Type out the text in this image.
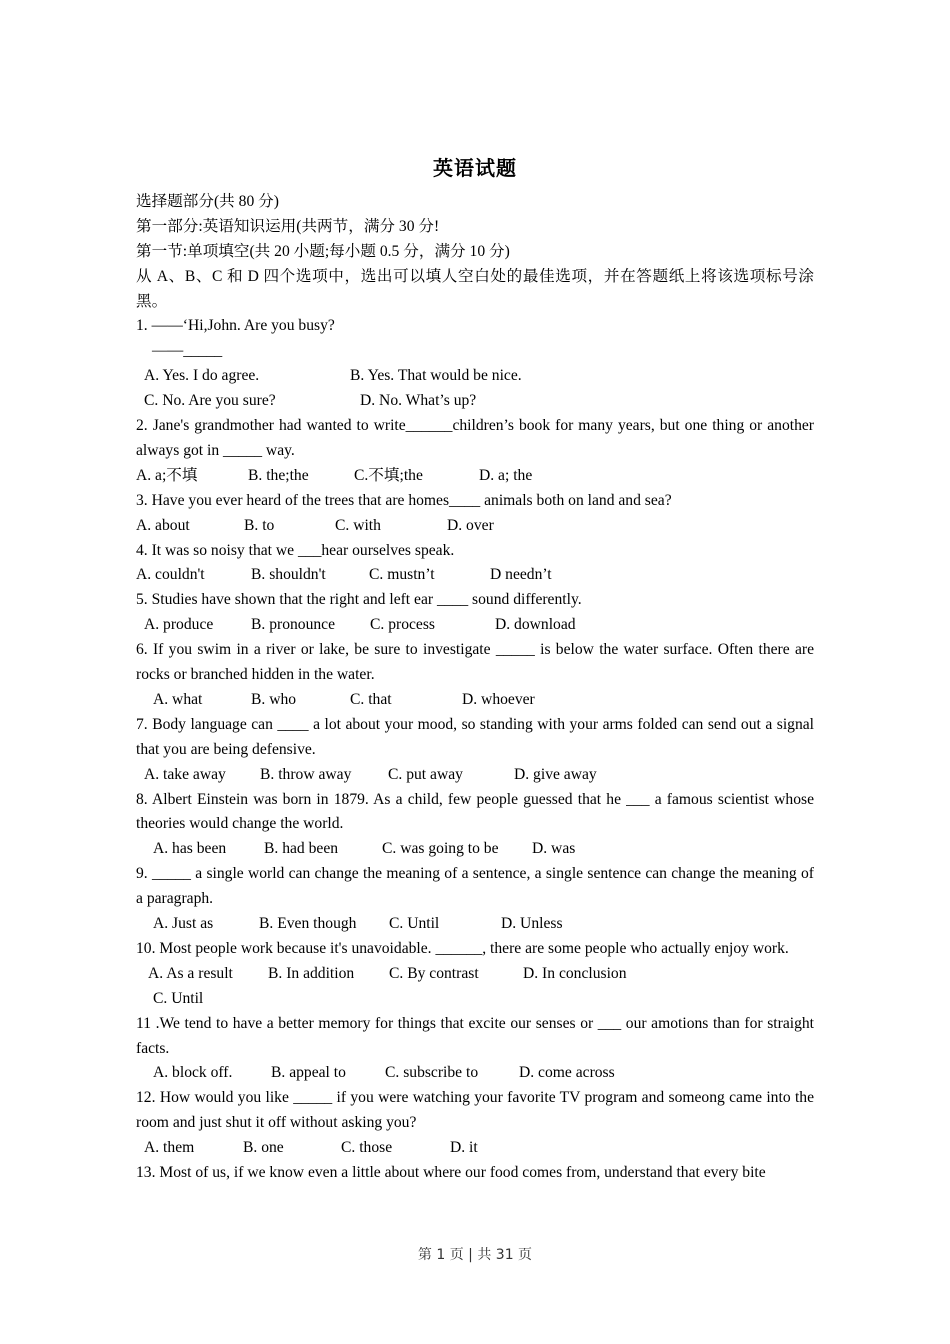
英语试题
选择题部分(共 80 分)
第一部分:英语知识运用(共两节，满分 30 分!
第一节:单项填空(共 20 小题;每小题 0.5 分，满分 10 分)
从 A、B、C 和 D 四个选项中，选出可以填人空白处的最佳选项，并在答题纸上将该选项标号涂黑。
1. ——‘Hi,John. Are you busy?
——_____
A. Yes. I do agree.	B. Yes. That would be nice.
C. No. Are you sure?	D. No. What’s up?
2. Jane's grandmother had wanted to write______children’s book for many years, but one thing or another always got in _____ way.
A. a;不填	B. the;the	C.不填;the	D. a; the
3. Have you ever heard of the trees that are homes____ animals both on land and sea?
A. about	B. to	C. with	D. over
4. It was so noisy that we ___hear ourselves speak.
A. couldn't	B. shouldn't	C. mustn’t	D needn’t
5. Studies have shown that the right and left ear ____ sound differently.
A. produce B. pronounce C. process	D. download
6. If you swim in a river or lake, be sure to investigate _____ is below the water surface. Often there are rocks or branched hidden in the water.
A. what	B. who	C. that	D. whoever
7. Body language can ____ a lot about your mood, so standing with your arms folded can send out a signal that you are being defensive.
A. take away B. throw away C. put away	D. give away
8. Albert Einstein was born in 1879. As a child, few people guessed that he ___ a famous scientist whose theories would change the world.
A. has been B. had been	C. was going to be D. was
9. _____ a single world can change the meaning of a sentence, a single sentence can change the meaning of a paragraph.
A. Just as	B. Even though C. Until	D. Unless
10. Most people work because it's unavoidable. ______, there are some people who actually enjoy work.
A. As a result B. In addition C. By contrast	D. In conclusion
C. Until
11 .We tend to have a better memory for things that excite our senses or ___ our amotions than for straight facts.
A. block off. B. appeal to	C. subscribe to	D. come across
12. How would you like _____ if you were watching your favorite TV program and someong came into the room and just shut it off without asking you?
A. them	B. one	C. those	D. it
13. Most of us, if we know even a little about where our food comes from, understand that every bite
第 1 页 | 共 31 页
